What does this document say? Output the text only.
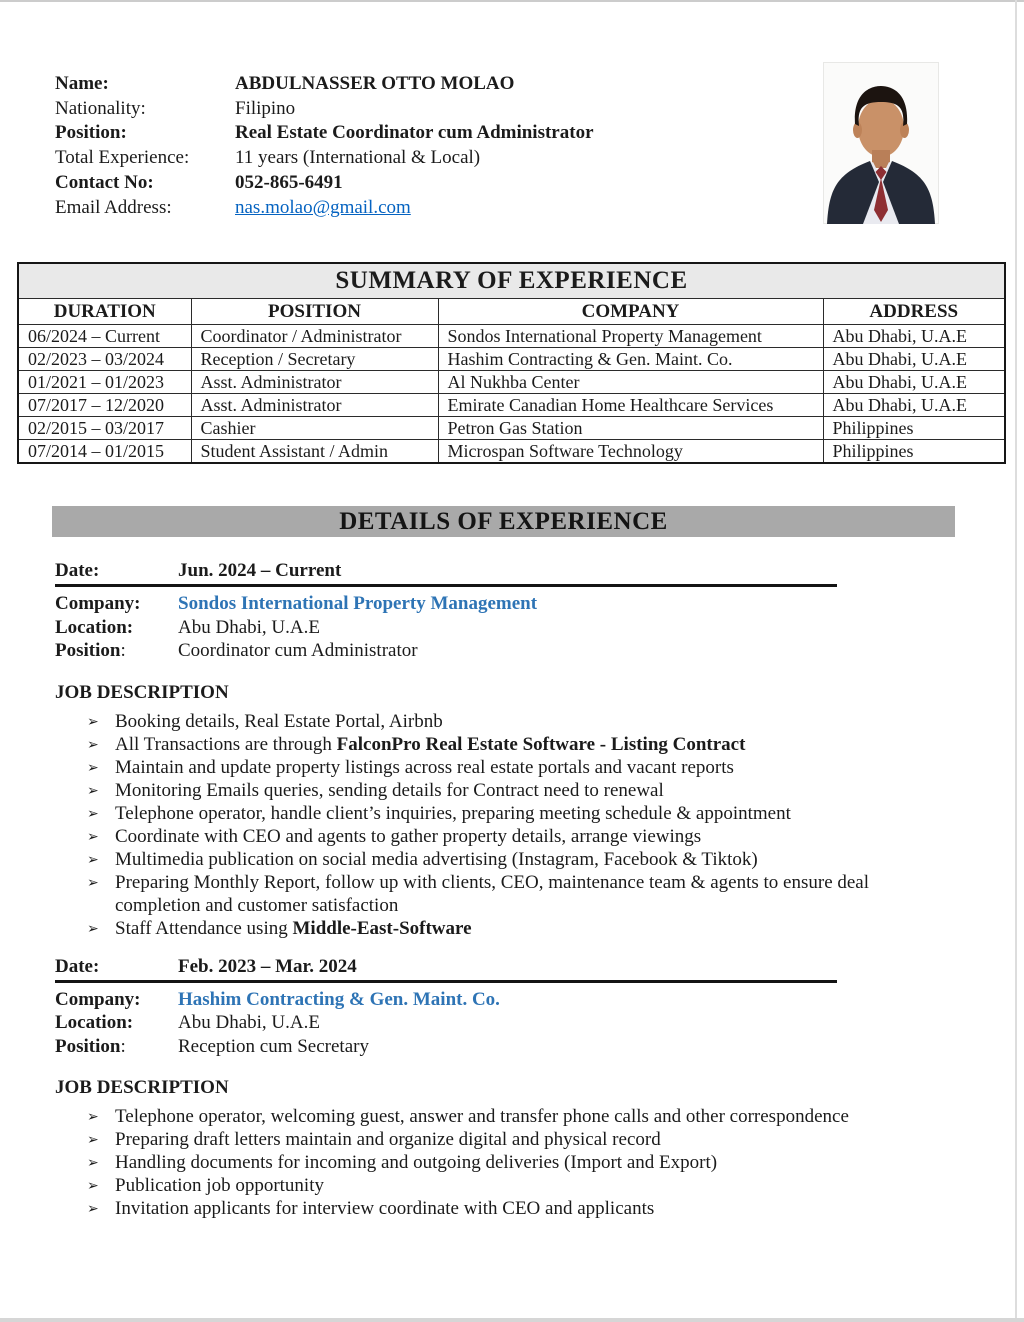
Name:	ABDULNASSER OTTO MOLAO
Nationality:	Filipino
Position:	Real Estate Coordinator cum Administrator
Total Experience:	11 years (International & Local)
Contact No:	052-865-6491
Email Address:	nas.molao@gmail.com
SUMMARY OF EXPERIENCE			
DURATION	POSITION	COMPANY	ADDRESS
06/2024 – Current	Coordinator / Administrator	Sondos International Property Management	Abu Dhabi, U.A.E
02/2023 – 03/2024	Reception / Secretary	Hashim Contracting & Gen. Maint. Co.	Abu Dhabi, U.A.E
01/2021 – 01/2023	Asst. Administrator	Al Nukhba Center	Abu Dhabi, U.A.E
07/2017 – 12/2020	Asst. Administrator	Emirate Canadian Home Healthcare Services	Abu Dhabi, U.A.E
02/2015 – 03/2017	Cashier	Petron Gas Station	Philippines
07/2014 – 01/2015	Student Assistant / Admin	Microspan Software Technology	Philippines
DETAILS OF EXPERIENCE
Date:	Jun. 2024 – Current
Company: Sondos International Property Management
Location: Abu Dhabi, U.A.E
Position:	Coordinator cum Administrator
JOB DESCRIPTION
➢ Booking details, Real Estate Portal, Airbnb
➢ All Transactions are through FalconPro Real Estate Software - Listing Contract
➢ Maintain and update property listings across real estate portals and vacant reports
➢ Monitoring Emails queries, sending details for Contract need to renewal
➢ Telephone operator, handle client’s inquiries, preparing meeting schedule & appointment
➢ Coordinate with CEO and agents to gather property details, arrange viewings
➢ Multimedia publication on social media advertising (Instagram, Facebook & Tiktok)
➢ Preparing Monthly Report, follow up with clients, CEO, maintenance team & agents to ensure deal completion and customer satisfaction
➢ Staff Attendance using Middle-East-Software
Date:	Feb. 2023 – Mar. 2024
Company: Hashim Contracting & Gen. Maint. Co.
Location: Abu Dhabi, U.A.E
Position:	Reception cum Secretary
JOB DESCRIPTION
➢ Telephone operator, welcoming guest, answer and transfer phone calls and other correspondence
➢ Preparing draft letters maintain and organize digital and physical record
➢ Handling documents for incoming and outgoing deliveries (Import and Export)
➢ Publication job opportunity
➢ Invitation applicants for interview coordinate with CEO and applicants
